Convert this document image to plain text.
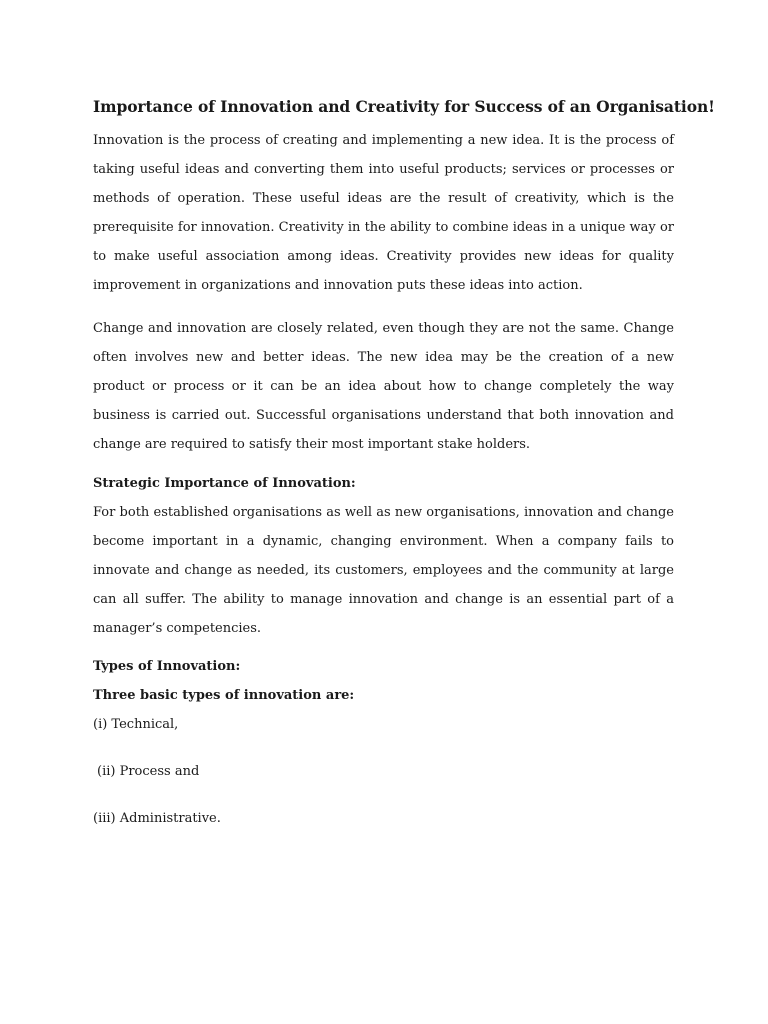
Importance of Innovation and Creativity for Success of an Organisation!

Innovation is the process of creating and implementing a new idea. It is the process of taking useful ideas and converting them into useful products; services or processes or methods of operation. These useful ideas are the result of creativity, which is the prerequisite for innovation. Creativity in the ability to combine ideas in a unique way or to make useful association among ideas. Creativity provides new ideas for quality improvement in organizations and innovation puts these ideas into action.

Change and innovation are closely related, even though they are not the same. Change often involves new and better ideas. The new idea may be the creation of a new product or process or it can be an idea about how to change completely the way business is carried out. Successful organisations understand that both innovation and change are required to satisfy their most important stake holders.

Strategic Importance of Innovation:

For both established organisations as well as new organisations, innovation and change become important in a dynamic, changing environment. When a company fails to innovate and change as needed, its customers, employees and the community at large can all suffer. The ability to manage innovation and change is an essential part of a manager’s competencies.

Types of Innovation:

Three basic types of innovation are:

(i) Technical,

(ii) Process and

(iii) Administrative.
